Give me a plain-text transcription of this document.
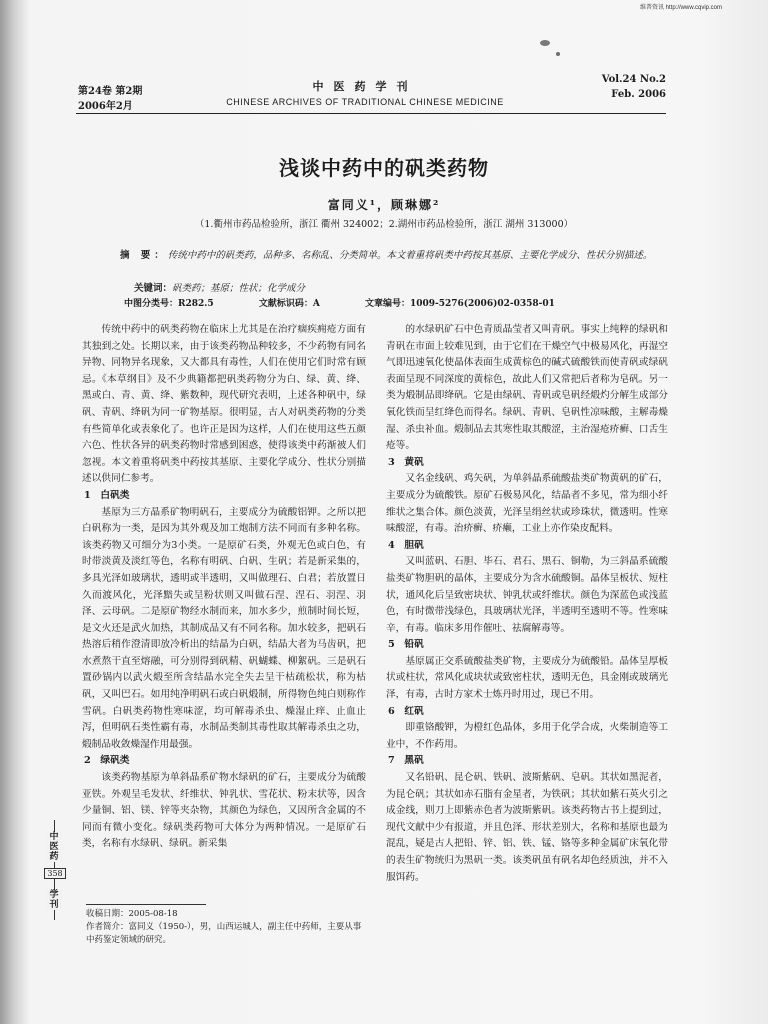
维普资讯 http://www.cqvip.com
第24卷 第2期
2006年2月
中医药学刊
CHINESE ARCHIVES OF TRADITIONAL CHINESE MEDICINE
Vol.24 No.2
Feb. 2006
浅谈中药中的矾类药物
富同义¹，顾琳娜²
（1.衢州市药品检验所，浙江 衢州 324002；2.湖州市药品检验所，浙江 湖州 313000）
摘 要：传统中药中的矾类药，品种多、名称乱、分类简单。本文着重将矾类中药按其基原、主要化学成分、性状分别描述。
关键词：矾类药；基原；性状；化学成分
中图分类号：R282.5	文献标识码：A	文章编号：1009-5276(2006)02-0358-01

传统中药中的矾类药物在临床上尤其是在治疗痼疾痈疮方面有其独到之处。长期以来，由于该类药物品种较多，不少药物有同名异物、同物异名现象，又大都具有毒性，人们在使用它们时常有顾忌。《本草纲目》及不少典籍都把矾类药物分为白、绿、黄、绛、黑或白、青、黄、绛、紫数种，现代研究表明，上述各种矾中，绿矾、青矾、绛矾为同一矿物基原。很明显，古人对矾类药物的分类有些简单化或表象化了。也许正是因为这样，人们在使用这些五颜六色、性状各异的矾类药物时常感到困惑，使得该类中药渐被人们忽视。本文着重将矾类中药按其基原、主要化学成分、性状分别描述以供同仁参考。

1　白矾类

基原为三方晶系矿物明矾石，主要成分为硫酸铝钾。之所以把白矾称为一类，是因为其外观及加工炮制方法不同而有多种名称。该类药物又可细分为3小类。一是原矿石类，外观无色或白色，有时带淡黄及淡红等色，名称有明矾、白矾、生矾；若是新采集的，多具光泽如玻璃状，透明或半透明，又叫做理石、白君；若放置日久而渡风化，光泽黯失或呈粉状则又叫做石涅、涅石、羽涅、羽泽、云母矾。二是原矿物经水制而来，加水多少，煎制时间长短，是文火还是武火加热，其制成品又有不同名称。加水较多，把矾石热溶后稍作澄清即放冷析出的结晶为白矾，结晶大者为马齿矾，把水煮熬干直至熔融，可分别得到矾精、矾蝴蝶、柳絮矾。三是矾石置砂锅内以武火煅至所含结晶水完全失去呈干枯疏松状，称为枯矾，又叫巴石。如用纯净明矾石或白矾煅制，所得物色纯白则称作雪矾。白矾类药物性寒味涩，均可解毒杀虫、燥湿止痒、止血止泻，但明矾石类性霸有毒，水制品类制其毒性取其解毒杀虫之功，煅制品收敛燥湿作用最强。

2　绿矾类

该类药物基原为单斜晶系矿物水绿矾的矿石，主要成分为硫酸亚铁。外观呈毛发状、纤维状、钟乳状、雪花状、粉末状等，因含少量铜、铝、镁、锌等夹杂物，其颜色为绿色，又因所含金属的不同而有微小变化。绿矾类药物可大体分为两种情况。一是原矿石类，名称有水绿矾、绿矾。新采集

的水绿矾矿石中色青质晶莹者又叫青矾。事实上纯粹的绿矾和青矾在市面上较难见到，由于它们在干燥空气中极易风化，再湿空气即迅速氧化使晶体表面生成黄棕色的碱式硫酸铁而使青矾或绿矾表面呈现不同深度的黄棕色，故此人们又常把后者称为皂矾。另一类为煅制品即绛矾。它是由绿矾、青矾或皂矾经煅灼分解生成部分氧化铁而呈红绛色而得名。绿矾、青矾、皂矾性凉味酸，主解毒燥湿、杀虫补血。煅制品去其寒性取其酸涩，主治湿疮疥癣、口舌生疮等。

3　黄矾

又名金线矾、鸡矢矾，为单斜晶系硫酸盐类矿物黄矾的矿石，主要成分为硫酸铁。原矿石极易风化，结晶者不多见，常为细小纤维状之集合体。颜色淡黄，光泽呈绢丝状或珍珠状，微透明。性寒味酸涩，有毒。治疥癣、疥癞，工业上亦作染皮配料。

4　胆矾

又叫蓝矾、石胆、毕石、君石、黑石、铜勒，为三斜晶系硫酸盐类矿物胆矾的晶体，主要成分为含水硫酸铜。晶体呈板状、短柱状，通风化后呈致密块状、钟乳状或纤维状。颜色为深蓝色或浅蓝色，有时微带浅绿色，具玻璃状光泽，半透明至透明不等。性寒味辛，有毒。临床多用作催吐、祛腐解毒等。

5　铅矾

基原属正交系硫酸盐类矿物，主要成分为硫酸铅。晶体呈厚板状或柱状，常风化成块状或致密柱状，透明无色，具金刚或玻璃光泽，有毒，古时方家术士炼丹时用过，现已不用。

6　红矾

即重铬酸钾，为橙红色晶体，多用于化学合成，火柴制造等工业中，不作药用。

7　黑矾

又名铅矾、昆仑矾、铁矾、波斯紫矾、皂矾。其状如黑泥者，为昆仑矾；其状如赤石脂有金星者，为铁矾；其状如紫石英火引之成金线，则刀上即紫赤色者为波斯紫矾。该类药物古书上提到过，现代文献中少有报道，并且色泽、形状差别大，名称和基原也最为混乱，疑是古人把铅、锌、铝、铁、锰、铬等多种金属矿床氧化带的表生矿物统归为黑矾一类。该类矾虽有矾名却色经质浊，并不入服饵药。

收稿日期：2005-08-18
作者简介：富同义（1950-），男，山西运城人，副主任中药师，主要从事中药鉴定领域的研究。
中医药
358
学刊
